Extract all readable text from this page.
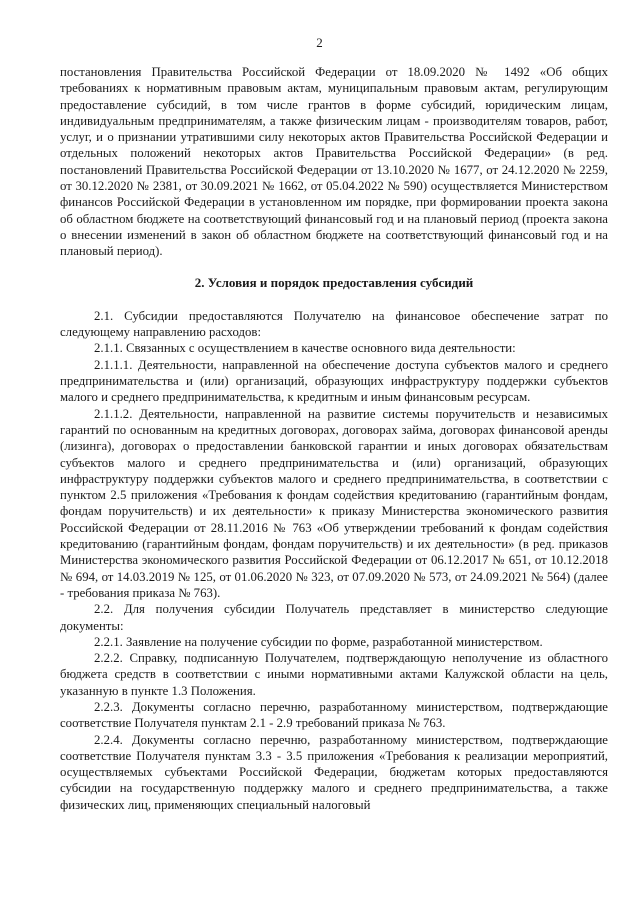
2

постановления Правительства Российской Федерации от 18.09.2020 № 1492 «Об общих требованиях к нормативным правовым актам, муниципальным правовым актам, регулирующим предоставление субсидий, в том числе грантов в форме субсидий, юридическим лицам, индивидуальным предпринимателям, а также физическим лицам - производителям товаров, работ, услуг, и о признании утратившими силу некоторых актов Правительства Российской Федерации и отдельных положений некоторых актов Правительства Российской Федерации» (в ред. постановлений Правительства Российской Федерации от 13.10.2020 № 1677, от 24.12.2020 № 2259, от 30.12.2020 № 2381, от 30.09.2021 № 1662, от 05.04.2022 № 590) осуществляется Министерством финансов Российской Федерации в установленном им порядке, при формировании проекта закона об областном бюджете на соответствующий финансовый год и на плановый период (проекта закона о внесении изменений в закон об областном бюджете на соответствующий финансовый год и на плановый период).

2. Условия и порядок предоставления субсидий

2.1. Субсидии предоставляются Получателю на финансовое обеспечение затрат по следующему направлению расходов:

2.1.1. Связанных с осуществлением в качестве основного вида деятельности:

2.1.1.1. Деятельности, направленной на обеспечение доступа субъектов малого и среднего предпринимательства и (или) организаций, образующих инфраструктуру поддержки субъектов малого и среднего предпринимательства, к кредитным и иным финансовым ресурсам.

2.1.1.2. Деятельности, направленной на развитие системы поручительств и независимых гарантий по основанным на кредитных договорах, договорах займа, договорах финансовой аренды (лизинга), договорах о предоставлении банковской гарантии и иных договорах обязательствам субъектов малого и среднего предпринимательства и (или) организаций, образующих инфраструктуру поддержки субъектов малого и среднего предпринимательства, в соответствии с пунктом 2.5 приложения «Требования к фондам содействия кредитованию (гарантийным фондам, фондам поручительств) и их деятельности» к приказу Министерства экономического развития Российской Федерации от 28.11.2016 № 763 «Об утверждении требований к фондам содействия кредитованию (гарантийным фондам, фондам поручительств) и их деятельности» (в ред. приказов Министерства экономического развития Российской Федерации от 06.12.2017 № 651, от 10.12.2018 № 694, от 14.03.2019 № 125, от 01.06.2020 № 323, от 07.09.2020 № 573, от 24.09.2021 № 564) (далее - требования приказа № 763).

2.2. Для получения субсидии Получатель представляет в министерство следующие документы:

2.2.1. Заявление на получение субсидии по форме, разработанной министерством.

2.2.2. Справку, подписанную Получателем, подтверждающую неполучение из областного бюджета средств в соответствии с иными нормативными актами Калужской области на цель, указанную в пункте 1.3 Положения.

2.2.3. Документы согласно перечню, разработанному министерством, подтверждающие соответствие Получателя пунктам 2.1 - 2.9 требований приказа № 763.

2.2.4. Документы согласно перечню, разработанному министерством, подтверждающие соответствие Получателя пунктам 3.3 - 3.5 приложения «Требования к реализации мероприятий, осуществляемых субъектами Российской Федерации, бюджетам которых предоставляются субсидии на государственную поддержку малого и среднего предпринимательства, а также физических лиц, применяющих специальный налоговый
